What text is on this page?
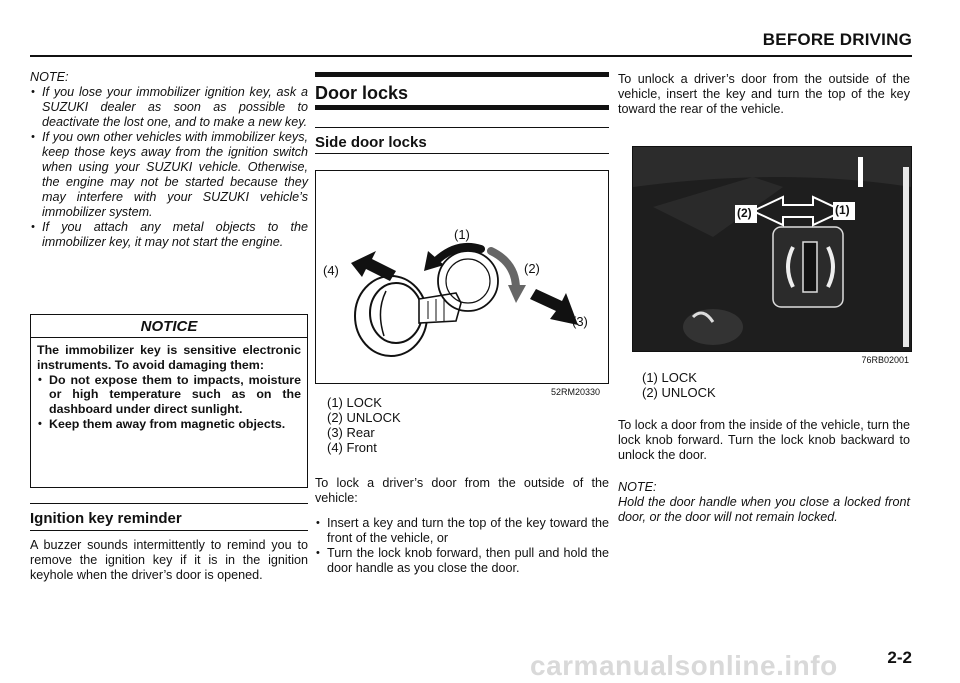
BEFORE DRIVING
NOTE:
• If you lose your immobilizer ignition key, ask a SUZUKI dealer as soon as possible to deactivate the lost one, and to make a new key.
• If you own other vehicles with immobilizer keys, keep those keys away from the ignition switch when using your SUZUKI vehicle. Otherwise, the engine may not be started because they may interfere with your SUZUKI vehicle’s immobilizer system.
• If you attach any metal objects to the immobilizer key, it may not start the engine.
NOTICE
The immobilizer key is sensitive electronic instruments. To avoid damaging them:
• Do not expose them to impacts, moisture or high temperature such as on the dashboard under direct sunlight.
• Keep them away from magnetic objects.
Ignition key reminder
A buzzer sounds intermittently to remind you to remove the ignition key if it is in the ignition keyhole when the driver’s door is opened.
Door locks
Side door locks
(1)
(2)
(3)
(4)
52RM20330
(1) LOCK
(2) UNLOCK
(3) Rear
(4) Front
To lock a driver’s door from the outside of the vehicle:
• Insert a key and turn the top of the key toward the front of the vehicle, or
• Turn the lock knob forward, then pull and hold the door handle as you close the door.
To unlock a driver’s door from the outside of the vehicle, insert the key and turn the top of the key toward the rear of the vehicle.
(2)	(1)
76RB02001
(1) LOCK
(2) UNLOCK
To lock a door from the inside of the vehicle, turn the lock knob forward. Turn the lock knob backward to unlock the door.
NOTE:
Hold the door handle when you close a locked front door, or the door will not remain locked.
carmanualsonline.info	2-2
